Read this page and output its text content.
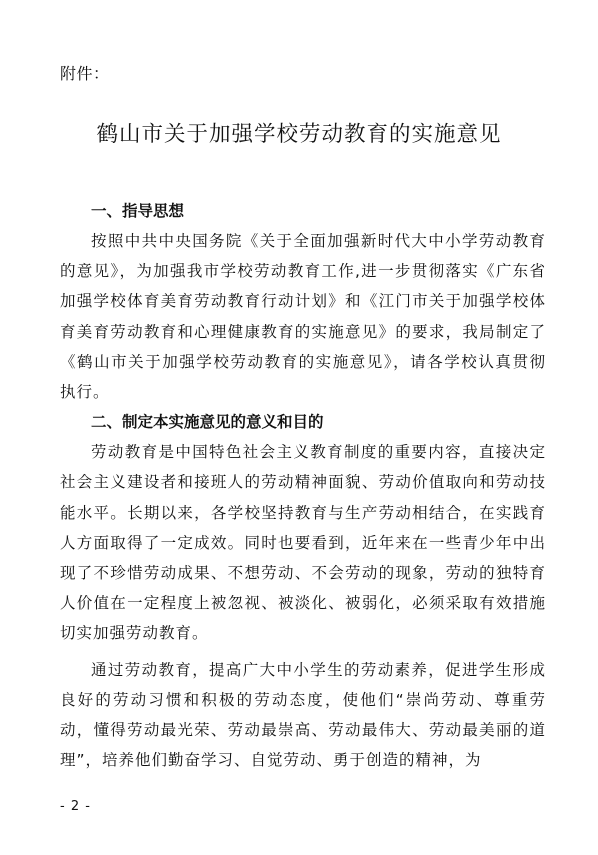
附件：
鹤山市关于加强学校劳动教育的实施意见
一、指导思想

按照中共中央国务院《关于全面加强新时代大中小学劳动教育的意见》，为加强我市学校劳动教育工作,进一步贯彻落实《广东省加强学校体育美育劳动教育行动计划》和《江门市关于加强学校体育美育劳动教育和心理健康教育的实施意见》的要求，我局制定了《鹤山市关于加强学校劳动教育的实施意见》，请各学校认真贯彻执行。

二、制定本实施意见的意义和目的

劳动教育是中国特色社会主义教育制度的重要内容，直接决定社会主义建设者和接班人的劳动精神面貌、劳动价值取向和劳动技能水平。长期以来，各学校坚持教育与生产劳动相结合，在实践育人方面取得了一定成效。同时也要看到，近年来在一些青少年中出现了不珍惜劳动成果、不想劳动、不会劳动的现象，劳动的独特育人价值在一定程度上被忽视、被淡化、被弱化，必须采取有效措施切实加强劳动教育。

通过劳动教育，提高广大中小学生的劳动素养，促进学生形成良好的劳动习惯和积极的劳动态度，使他们“崇尚劳动、尊重劳动，懂得劳动最光荣、劳动最崇高、劳动最伟大、劳动最美丽的道理”，培养他们勤奋学习、自觉劳动、勇于创造的精神，为

- 2 -
